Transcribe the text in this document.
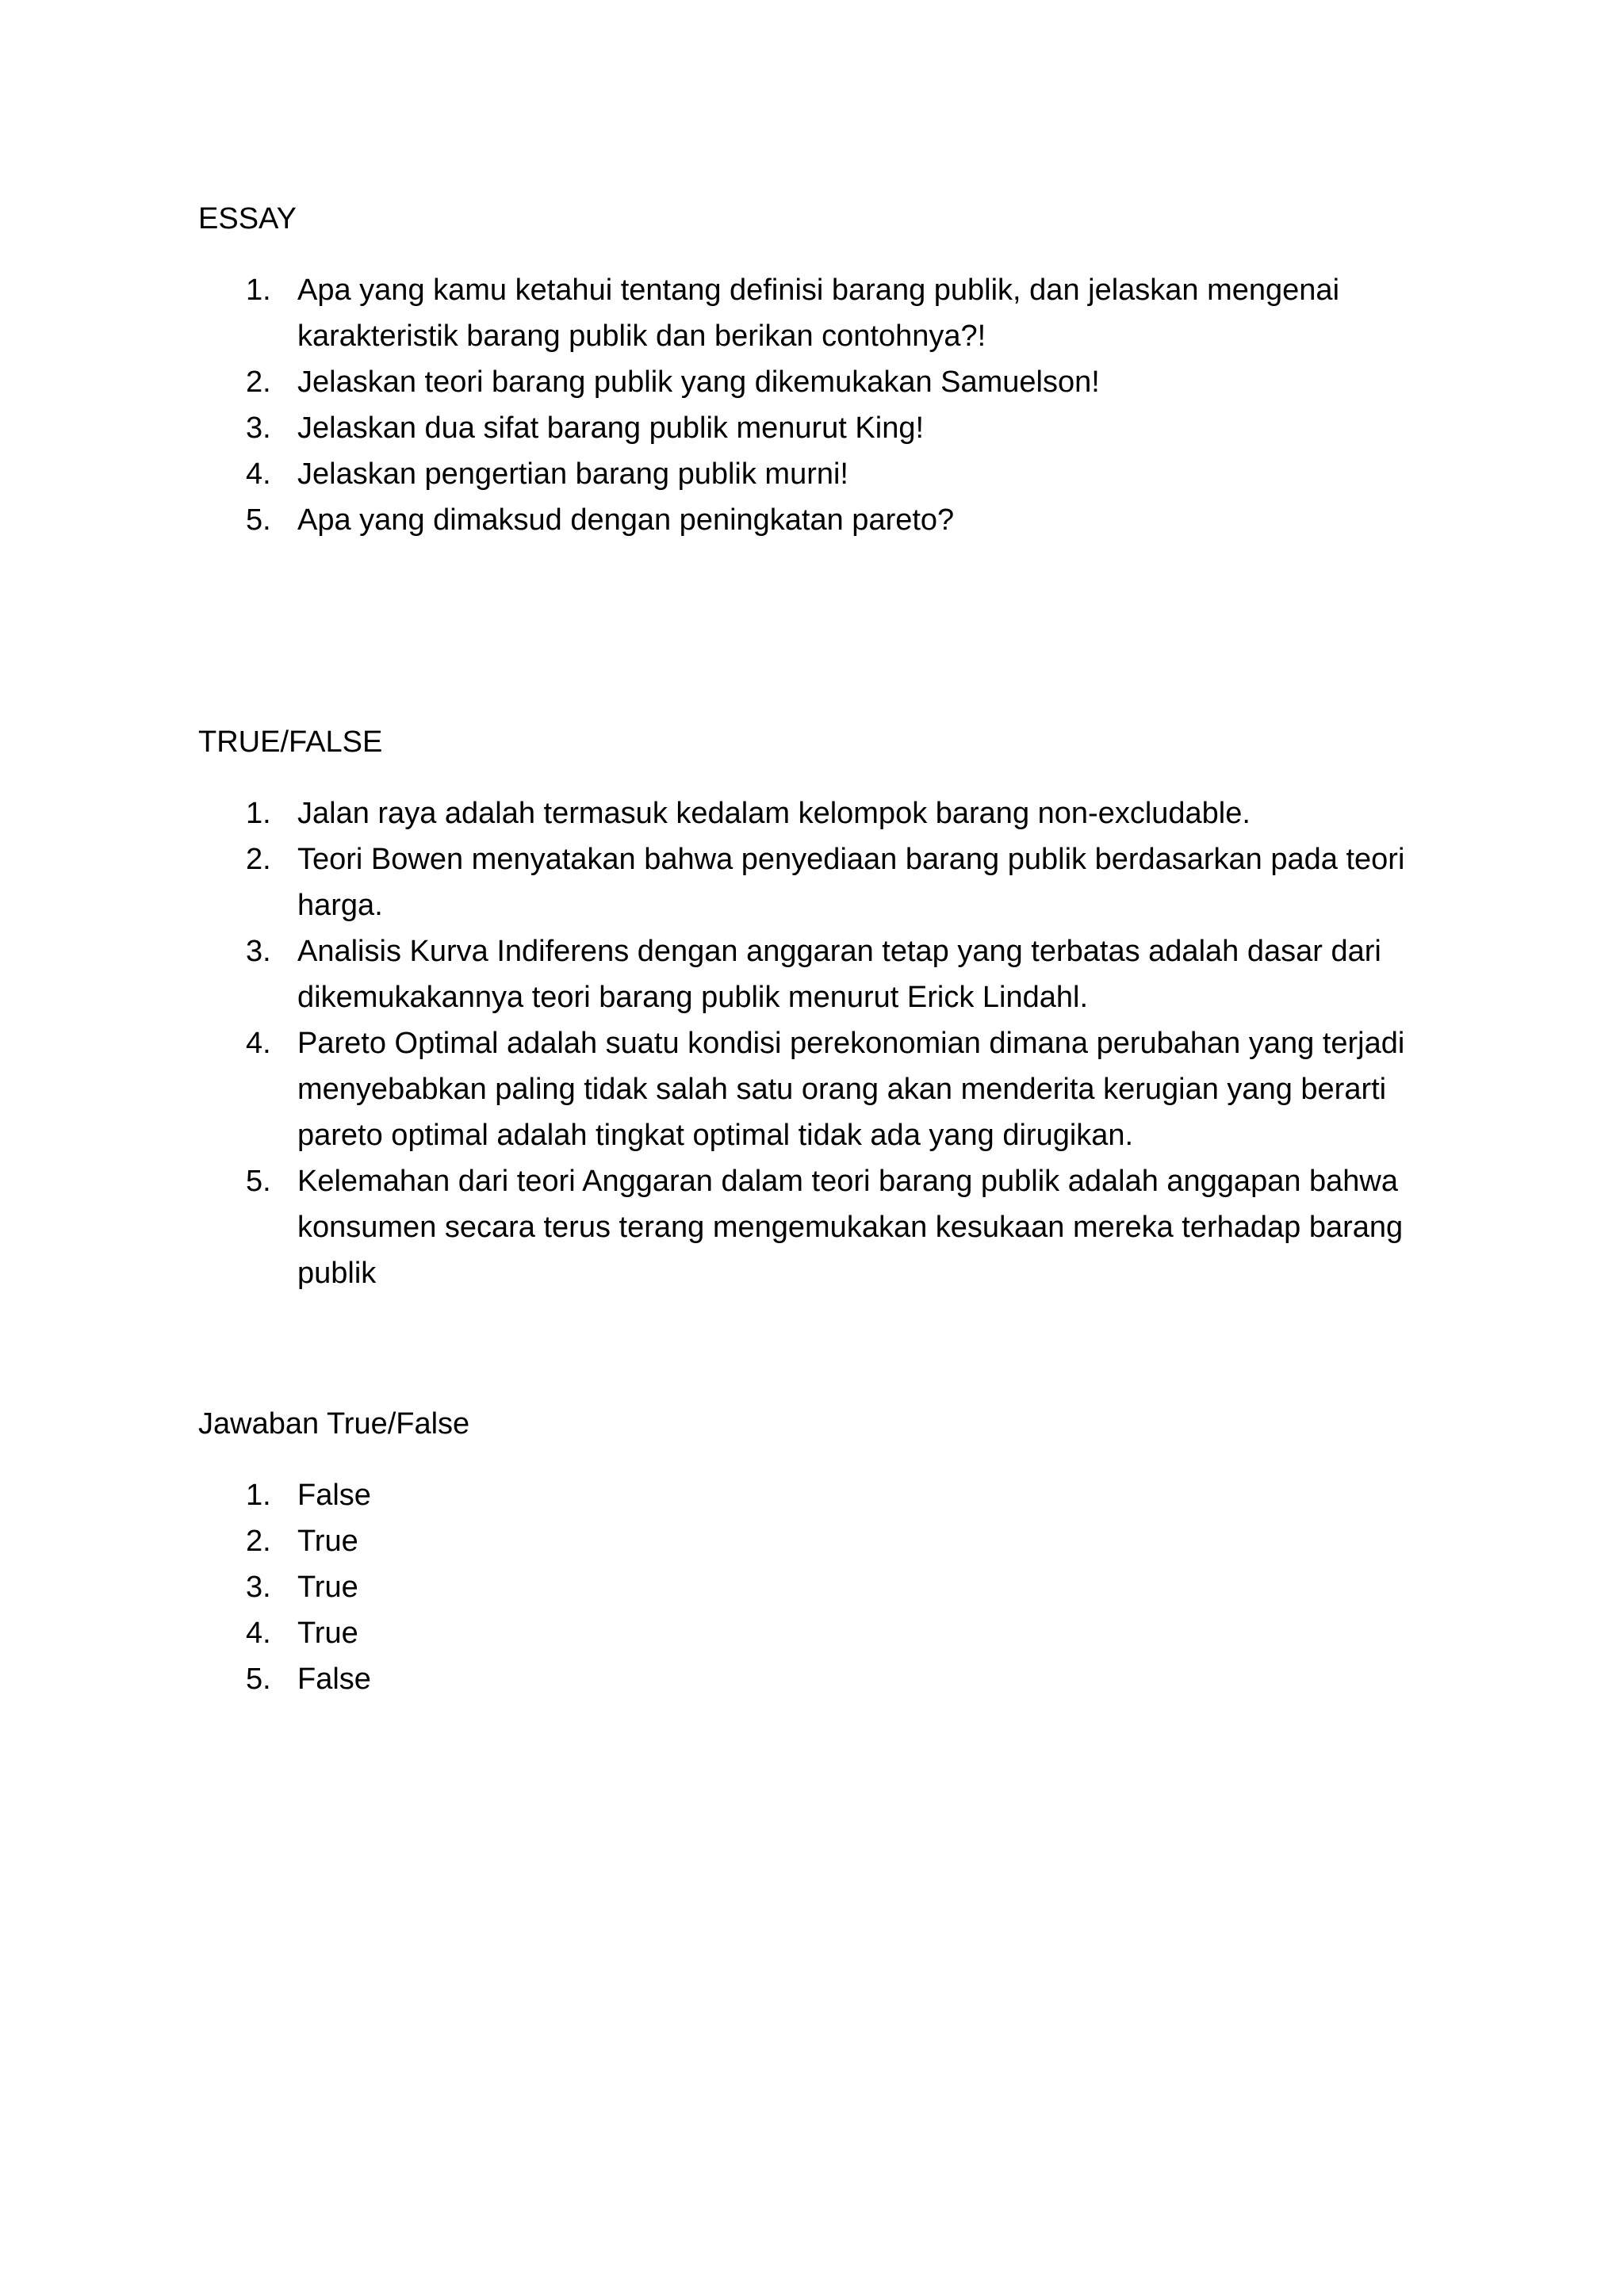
ESSAY
1. Apa yang kamu ketahui tentang definisi barang publik, dan jelaskan mengenai karakteristik barang publik dan berikan contohnya?!
2. Jelaskan teori barang publik yang dikemukakan Samuelson!
3. Jelaskan dua sifat barang publik menurut King!
4. Jelaskan pengertian barang publik murni!
5. Apa yang dimaksud dengan peningkatan pareto?
TRUE/FALSE
1. Jalan raya adalah termasuk kedalam kelompok barang non-excludable.
2. Teori Bowen menyatakan bahwa penyediaan barang publik berdasarkan pada teori harga.
3. Analisis Kurva Indiferens dengan anggaran tetap yang terbatas adalah dasar dari dikemukakannya teori barang publik menurut Erick Lindahl.
4. Pareto Optimal adalah suatu kondisi perekonomian dimana perubahan yang terjadi menyebabkan paling tidak salah satu orang akan menderita kerugian yang berarti pareto optimal adalah tingkat optimal tidak ada yang dirugikan.
5. Kelemahan dari teori Anggaran dalam teori barang publik adalah anggapan bahwa konsumen secara terus terang mengemukakan kesukaan mereka terhadap barang publik
Jawaban True/False
1. False
2. True
3. True
4. True
5. False
